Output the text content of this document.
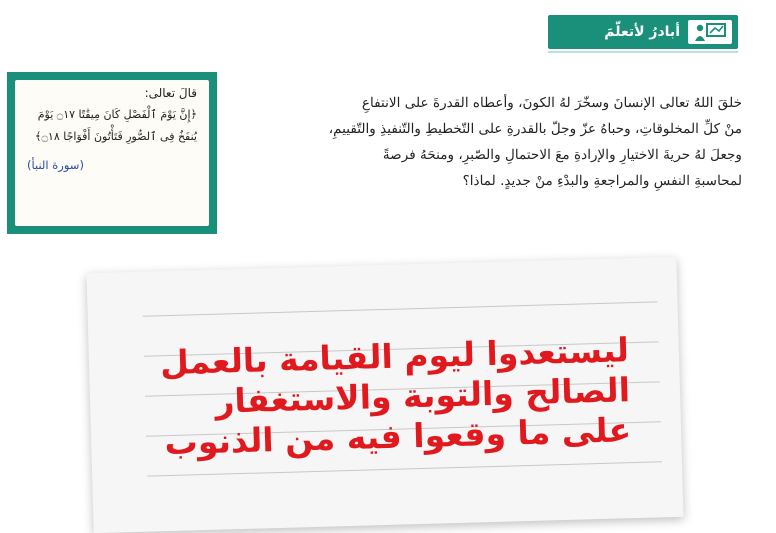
أبادرُ لأتعلّمَ

خلقَ اللهُ تعالى الإنسانَ وسخّرَ لهُ الكونَ، وأعطاه القدرةَ على الانتفاعِ

منْ كلِّ المخلوقاتِ، وحباهُ عزّ وجلّ بالقدرةِ على التّخطيطِ والتّنفيذِ والتّقييمِ،

وجعلَ لهُ حريةَ الاختيارِ والإرادةِ معَ الاحتمالِ والصّبرِ، ومنحَهُ فرصةً

لمحاسبةِ النفسِ والمراجعةِ والبدْءِ منْ جديدٍ. لماذا؟

قالَ تعالى:
﴿إِنَّ يَوْمَ ٱلْفَصْلِ كَانَ مِيقَٰتًا ۝١٧ يَوْمَ
يُنفَخُ فِى ٱلصُّورِ فَتَأْتُونَ أَفْوَاجًا ۝١٨﴾
(سورة النبأ)
ليستعدوا ليوم القيامة بالعمل
الصالح والتوبة والاستغفار
على ما وقعوا فيه من الذنوب
